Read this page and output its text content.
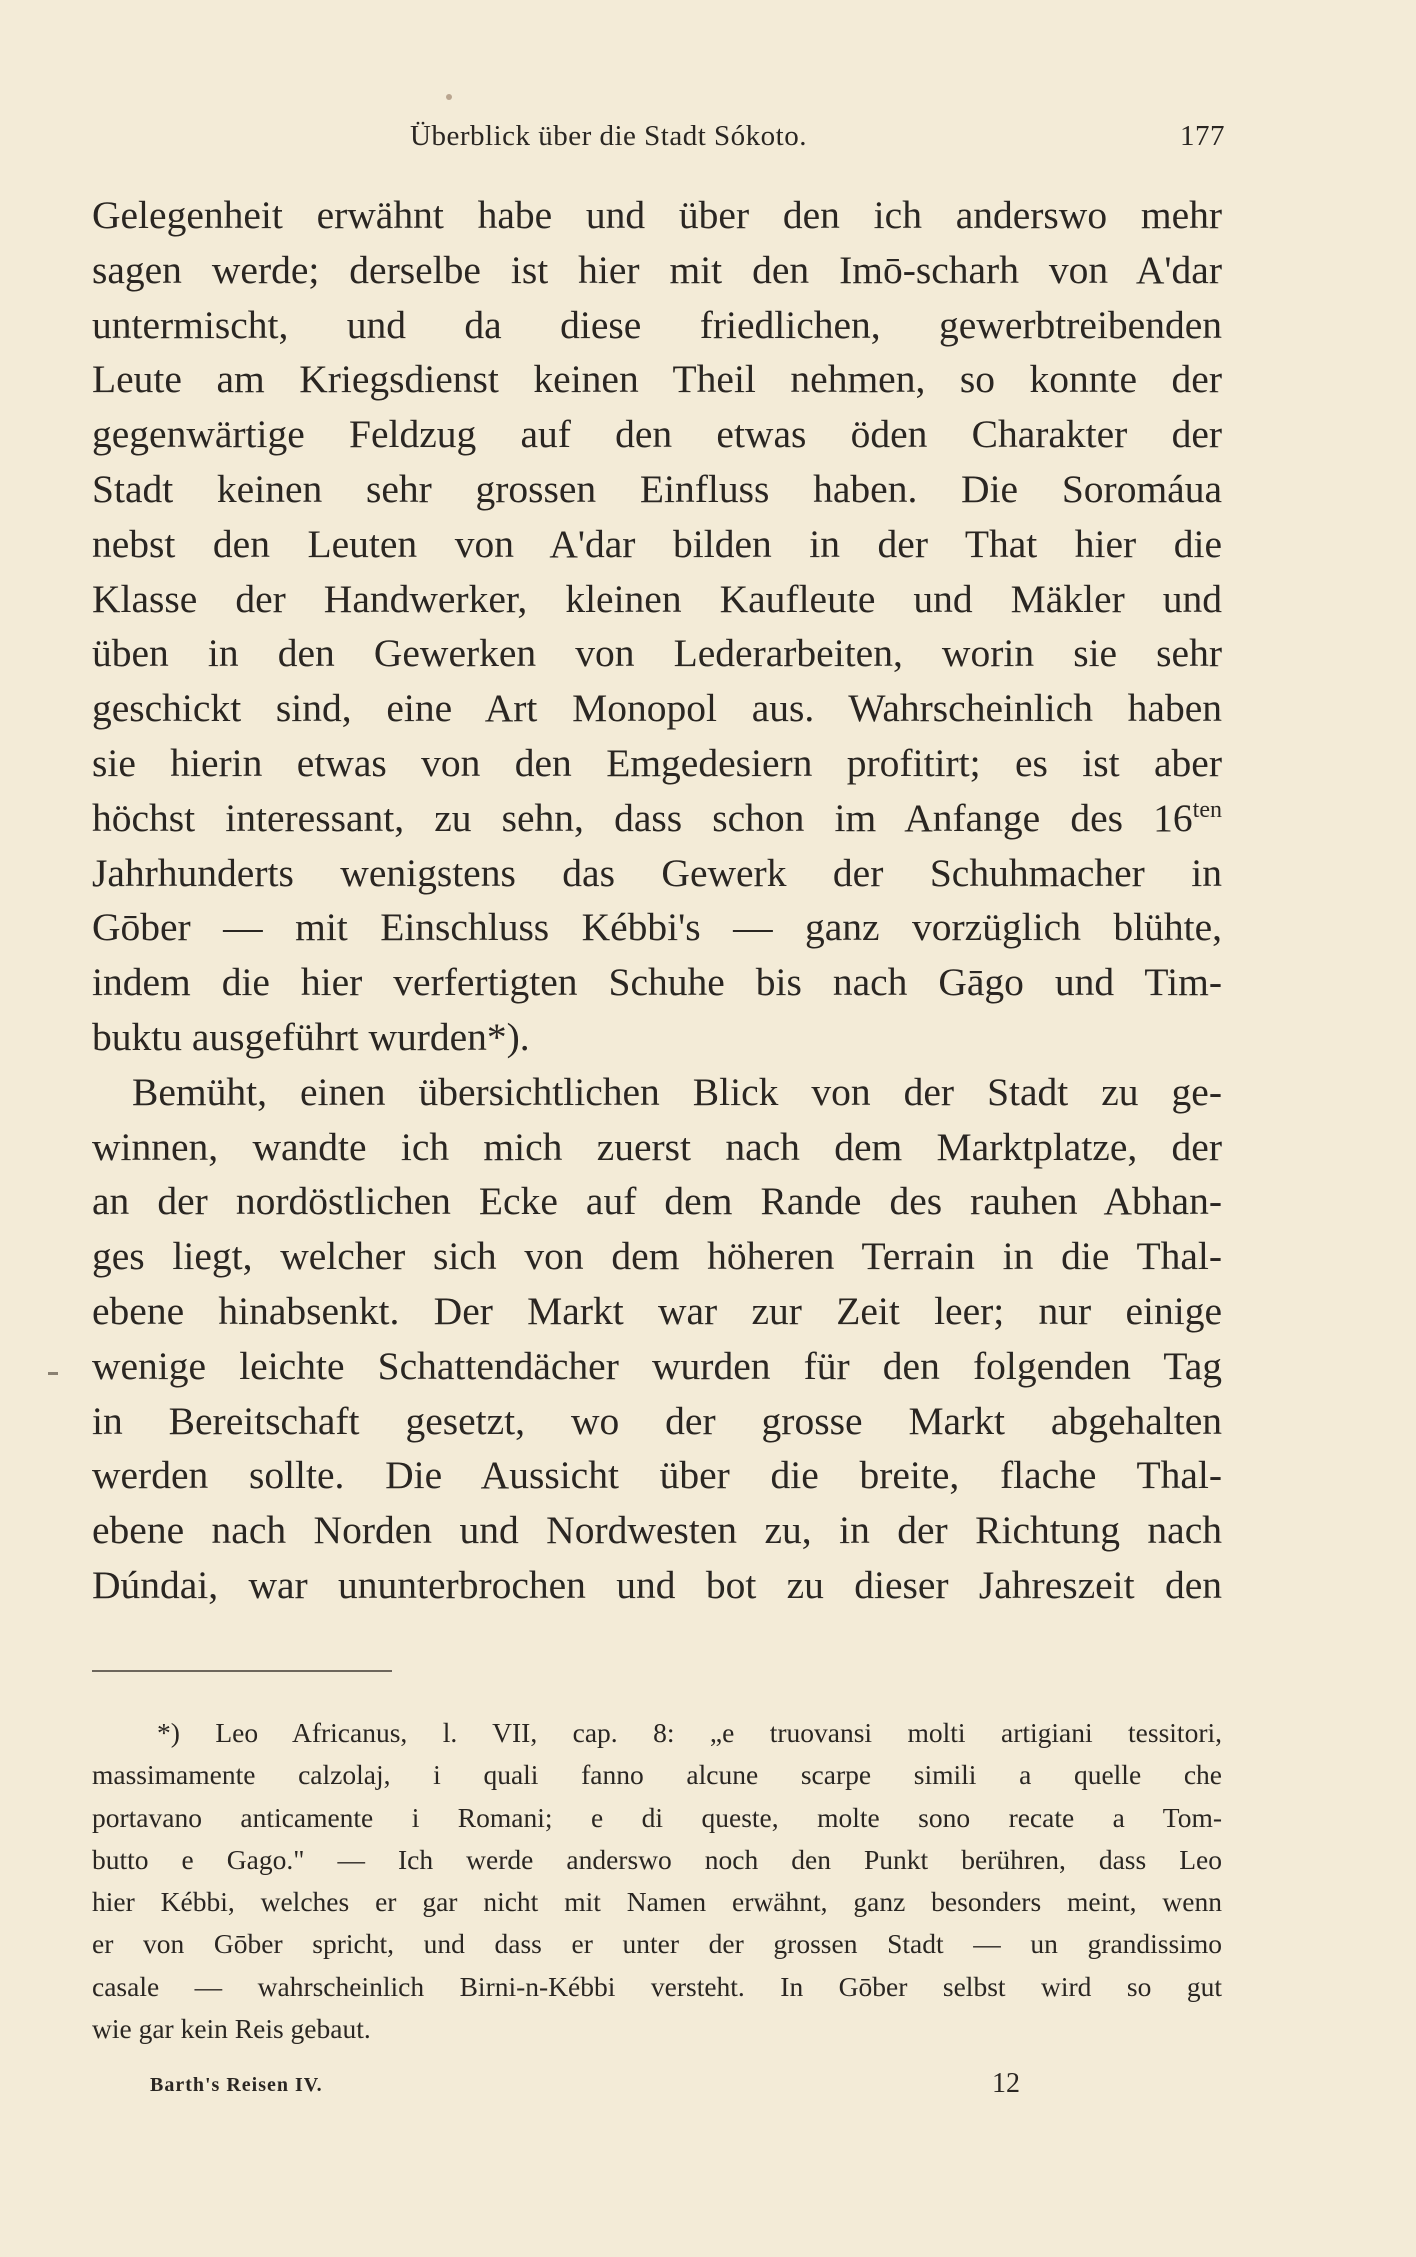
Überblick über die Stadt Sókoto.	177
Gelegenheit erwähnt habe und über den ich anderswo mehr
sagen werde; derselbe ist hier mit den Imō-scharh von A'dar
untermischt, und da diese friedlichen, gewerbtreibenden
Leute am Kriegsdienst keinen Theil nehmen, so konnte der
gegenwärtige Feldzug auf den etwas öden Charakter der
Stadt keinen sehr grossen Einfluss haben. Die Soromáua
nebst den Leuten von A'dar bilden in der That hier die
Klasse der Handwerker, kleinen Kaufleute und Mäkler und
üben in den Gewerken von Lederarbeiten, worin sie sehr
geschickt sind, eine Art Monopol aus. Wahrscheinlich haben
sie hierin etwas von den Emgedesiern profitirt; es ist aber
höchst interessant, zu sehn, dass schon im Anfange des $16^{ten}$
Jahrhunderts wenigstens das Gewerk der Schuhmacher in
Gōber — mit Einschluss Kébbi's — ganz vorzüglich blühte,
indem die hier verfertigten Schuhe bis nach Gāgo und Tim-
buktu ausgeführt wurden*).
Bemüht, einen übersichtlichen Blick von der Stadt zu ge-
winnen, wandte ich mich zuerst nach dem Marktplatze, der
an der nordöstlichen Ecke auf dem Rande des rauhen Abhan-
ges liegt, welcher sich von dem höheren Terrain in die Thal-
ebene hinabsenkt. Der Markt war zur Zeit leer; nur einige
wenige leichte Schattendächer wurden für den folgenden Tag
in Bereitschaft gesetzt, wo der grosse Markt abgehalten
werden sollte. Die Aussicht über die breite, flache Thal-
ebene nach Norden und Nordwesten zu, in der Richtung nach
Dúndai, war ununterbrochen und bot zu dieser Jahreszeit den
*) Leo Africanus, l. VII, cap. 8: „e truovansi molti artigiani tessitori,
massimamente calzolaj, i quali fanno alcune scarpe simili a quelle che
portavano anticamente i Romani; e di queste, molte sono recate a Tom-
butto e Gago." — Ich werde anderswo noch den Punkt berühren, dass Leo
hier Kébbi, welches er gar nicht mit Namen erwähnt, ganz besonders meint, wenn
er von Gōber spricht, und dass er unter der grossen Stadt — un grandissimo
casale — wahrscheinlich Birni-n-Kébbi versteht. In Gōber selbst wird so gut
wie gar kein Reis gebaut.
Barth's Reisen IV.	12
